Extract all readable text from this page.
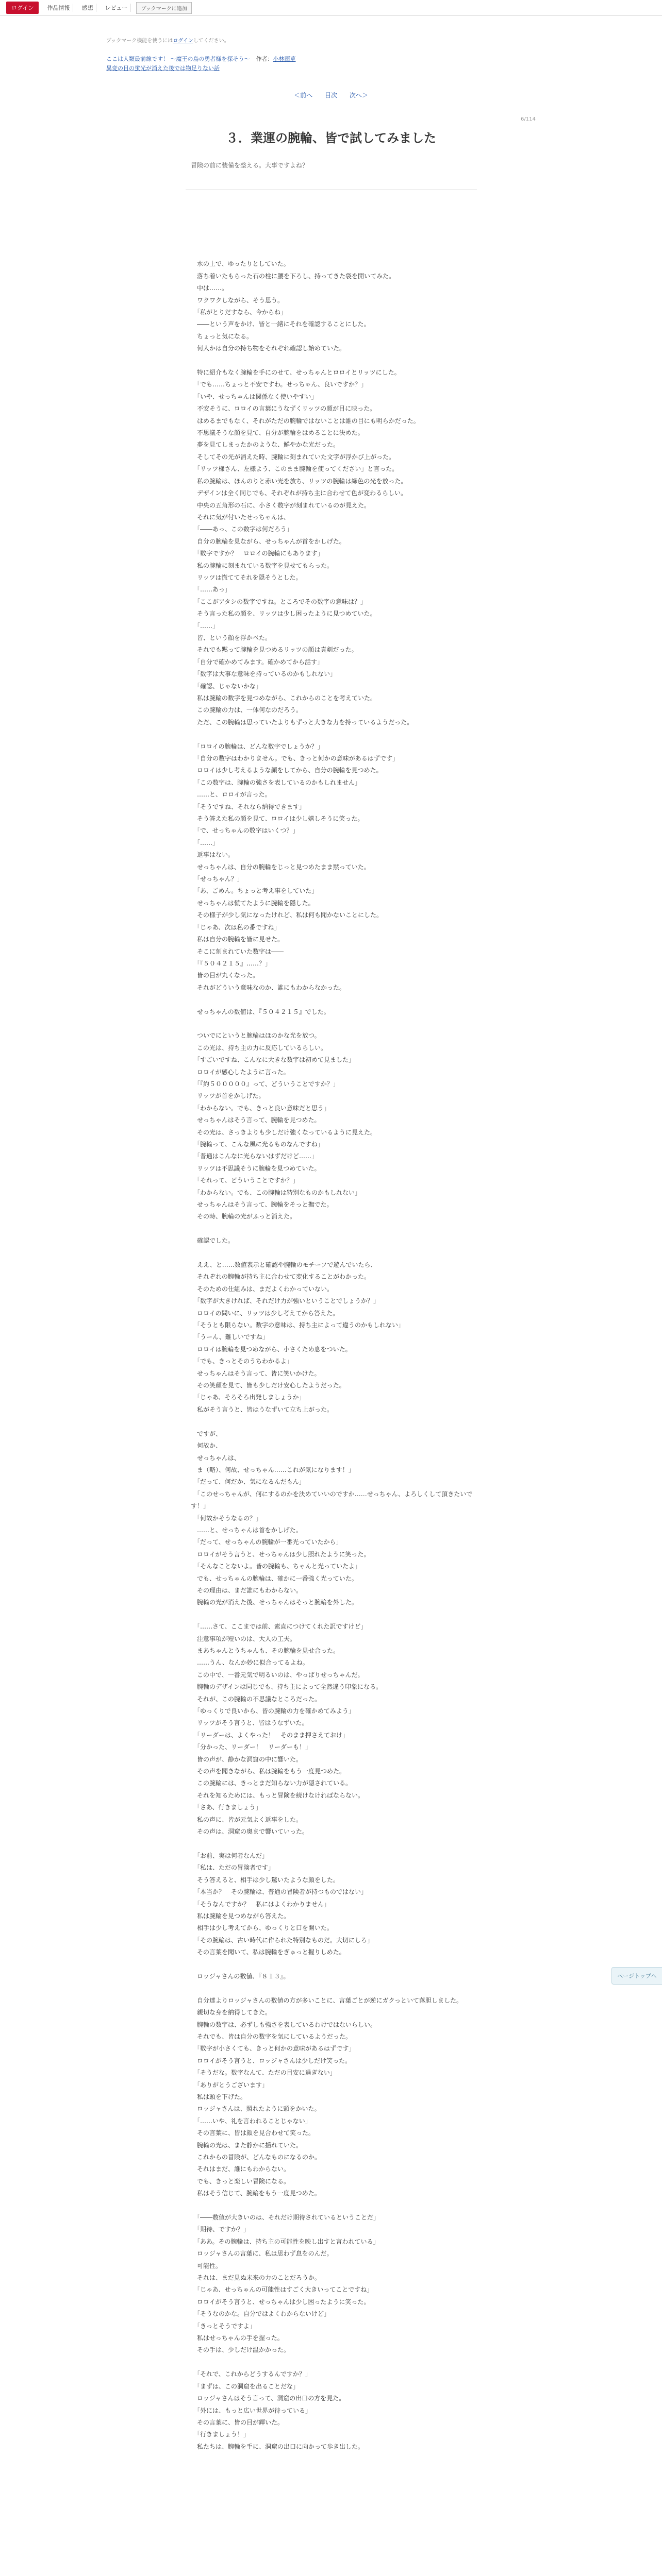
ログイン	作品情報	感想	レビュー	ブックマークに追加
ブックマーク機能を使うにはログインしてください。
ここは人類最前線です！ ～魔王の島の勇者様を探そう～ 作者：小林雨草
異変の目の蛍光が消えた後では物足りない話
＜前へ 目次 次へ＞
6/114
３．業運の腕輪、皆で試してみました
冒険の前に装備を整える。大事ですよね？

　水の上で、ゆったりとしていた。

　落ち着いたもらった石の柱に腰を下ろし、持ってきた袋を開いてみた。

　中は……。

　ワクワクしながら、そう思う。

　「私がとりだすなら、今からね」

　――という声をかけ、皆と一緒にそれを確認することにした。

　ちょっと気になる。

　何人かは自分の持ち物をそれぞれ確認し始めていた。

　特に紹介もなく腕輪を手にのせて、せっちゃんとロロイとリッツにした。

　「でも……ちょっと不安ですわ。せっちゃん、良いですか？」

　「いや、せっちゃんは関係なく使いやすい」

　不安そうに、ロロイの言葉にうなずくリッツの顔が目に映った。

　はめるまでもなく、それがただの腕輪ではないことは誰の目にも明らかだった。

　不思議そうな顔を見て、自分が腕輪をはめることに決めた。

　夢を見てしまったかのような、鮮やかな光だった。

　そしてその光が消えた時、腕輪に刻まれていた文字が浮かび上がった。

　「リッツ様さん、左様よう、このまま腕輪を使ってください」と言った。

　私の腕輪は、ほんのりと赤い光を放ち、リッツの腕輪は緑色の光を放った。

　デザインは全く同じでも、それぞれが持ち主に合わせて色が変わるらしい。

　中央の五角形の石に、小さく数字が刻まれているのが見えた。

　それに気が付いたせっちゃんは、

　「――あっ、この数字は何だろう」

　自分の腕輪を見ながら、せっちゃんが首をかしげた。

　「数字ですか？　ロロイの腕輪にもあります」

　私の腕輪に刻まれている数字を見せてもらった。

　リッツは慌ててそれを隠そうとした。

　「……あっ」

　「ここがアタシの数字ですね。ところでその数字の意味は？」

　そう言った私の顔を、リッツは少し困ったように見つめていた。

　「……」

　皆、という顔を浮かべた。

　それでも黙って腕輪を見つめるリッツの顔は真剣だった。

　「自分で確かめてみます。確かめてから話す」

　「数字は大事な意味を持っているのかもしれない」

　「確認、じゃないかな」

　私は腕輪の数字を見つめながら、これからのことを考えていた。

　この腕輪の力は、一体何なのだろう。

　ただ、この腕輪は思っていたよりもずっと大きな力を持っているようだった。

　「ロロイの腕輪は、どんな数字でしょうか？」

　「自分の数字はわかりません。でも、きっと何かの意味があるはずです」

　ロロイは少し考えるような顔をしてから、自分の腕輪を見つめた。

　「この数字は、腕輪の強さを表しているのかもしれません」

　……と、ロロイが言った。

　「そうですね、それなら納得できます」

　そう答えた私の顔を見て、ロロイは少し嬉しそうに笑った。

　「で、せっちゃんの数字はいくつ？」

　「……」

　返事はない。

　せっちゃんは、自分の腕輪をじっと見つめたまま黙っていた。

　「せっちゃん？」

　「あ、ごめん。ちょっと考え事をしていた」

　せっちゃんは慌てたように腕輪を隠した。

　その様子が少し気になったけれど、私は何も聞かないことにした。

　「じゃあ、次は私の番ですね」

　私は自分の腕輪を皆に見せた。

　そこに刻まれていた数字は――

　「『５０４２１５』……？」

　皆の目が丸くなった。

　それがどういう意味なのか、誰にもわからなかった。

　せっちゃんの数値は、『５０４２１５』でした。

　ついでにというと腕輪はほのかな光を放つ。

　この光は、持ち主の力に反応しているらしい。

　「すごいですね、こんなに大きな数字は初めて見ました」

　ロロイが感心したように言った。

　「『約５０００００』って、どういうことですか？」

　リッツが首をかしげた。

　「わからない。でも、きっと良い意味だと思う」

　せっちゃんはそう言って、腕輪を見つめた。

　その光は、さっきよりも少しだけ強くなっているように見えた。

　「腕輪って、こんな風に光るものなんですね」

　「普通はこんなに光らないはずだけど……」

　リッツは不思議そうに腕輪を見つめていた。

　「それって、どういうことですか？」

　「わからない。でも、この腕輪は特別なものかもしれない」

　せっちゃんはそう言って、腕輪をそっと撫でた。

　その時、腕輪の光がふっと消えた。

　確認でした。

　ええ、と……数値表示と確認や腕輪のモチーフで遊んでいたら、

　それぞれの腕輪が持ち主に合わせて変化することがわかった。

　そのための仕組みは、まだよくわかっていない。

　「数字が大きければ、それだけ力が強いということでしょうか？」

　ロロイの問いに、リッツは少し考えてから答えた。

　「そうとも限らない。数字の意味は、持ち主によって違うのかもしれない」

　「うーん、難しいですね」

　ロロイは腕輪を見つめながら、小さくため息をついた。

　「でも、きっとそのうちわかるよ」

　せっちゃんはそう言って、皆に笑いかけた。

　その笑顔を見て、皆も少しだけ安心したようだった。

　「じゃあ、そろそろ出発しましょうか」

　私がそう言うと、皆はうなずいて立ち上がった。

　ですが、

　何故か、

　せっちゃんは、

　ま（略）、何故、せっちゃん……これが気になります！」

　「だって、何だか、気になるんだもん」

　「このせっちゃんが、何にするのかを決めていいのですか……せっちゃん、よろしくして頂きたいです！」

　「何故かそうなるの？」

　……と、せっちゃんは首をかしげた。

　「だって、せっちゃんの腕輪が一番光っていたから」

　ロロイがそう言うと、せっちゃんは少し照れたように笑った。

　「そんなことないよ。皆の腕輪も、ちゃんと光っていたよ」

　でも、せっちゃんの腕輪は、確かに一番強く光っていた。

　その理由は、まだ誰にもわからない。

　腕輪の光が消えた後、せっちゃんはそっと腕輪を外した。

　「……さて、ここまでは前、素直につけてくれた訳ですけど」

　注意事項が短いのは、大人の工夫。

　まあちゃんとうちゃんも、その腕輪を見せ合った。

　……うん、なんか妙に似合ってるよね。

　この中で、一番元気で明るいのは、やっぱりせっちゃんだ。

　腕輪のデザインは同じでも、持ち主によって全然違う印象になる。

　それが、この腕輪の不思議なところだった。

　「ゆっくりで良いから、皆の腕輪の力を確かめてみよう」

　リッツがそう言うと、皆はうなずいた。

　「リーダーは、よくやった！　そのまま押さえておけ」

　「分かった、リーダー！　リーダーも！」

　皆の声が、静かな洞窟の中に響いた。

　その声を聞きながら、私は腕輪をもう一度見つめた。

　この腕輪には、きっとまだ知らない力が隠されている。

　それを知るためには、もっと冒険を続けなければならない。

　「さあ、行きましょう」

　私の声に、皆が元気よく返事をした。

　その声は、洞窟の奥まで響いていった。

　「お前、実は何者なんだ」

　「私は、ただの冒険者です」

　そう答えると、相手は少し驚いたような顔をした。

　「本当か？　その腕輪は、普通の冒険者が持つものではない」

　「そうなんですか？　私にはよくわかりません」

　私は腕輪を見つめながら答えた。

　相手は少し考えてから、ゆっくりと口を開いた。

　「その腕輪は、古い時代に作られた特別なものだ。大切にしろ」

　その言葉を聞いて、私は腕輪をぎゅっと握りしめた。

　ロッジャさんの数値、『８１３』。

　自分達よりロッジャさんの数値の方が多いことに、言葉ごとが逆にガクっといて落胆しました。

　親切な身を納得してきた。

　腕輪の数字は、必ずしも強さを表しているわけではないらしい。

　それでも、皆は自分の数字を気にしているようだった。

　「数字が小さくても、きっと何かの意味があるはずです」

　ロロイがそう言うと、ロッジャさんは少しだけ笑った。

　「そうだな。数字なんて、ただの目安に過ぎない」

　「ありがとうございます」

　私は頭を下げた。

　ロッジャさんは、照れたように頭をかいた。

　「……いや、礼を言われることじゃない」

　その言葉に、皆は顔を見合わせて笑った。

　腕輪の光は、また静かに揺れていた。

　これからの冒険が、どんなものになるのか。

　それはまだ、誰にもわからない。

　でも、きっと楽しい冒険になる。

　私はそう信じて、腕輪をもう一度見つめた。

　「――数値が大きいのは、それだけ期待されているということだ」

　「期待、ですか？」

　「ああ。その腕輪は、持ち主の可能性を映し出すと言われている」

　ロッジャさんの言葉に、私は思わず息をのんだ。

　可能性。

　それは、まだ見ぬ未来の力のことだろうか。

　「じゃあ、せっちゃんの可能性はすごく大きいってことですね」

　ロロイがそう言うと、せっちゃんは少し困ったように笑った。

　「そうなのかな。自分ではよくわからないけど」

　「きっとそうですよ」

　私はせっちゃんの手を握った。

　その手は、少しだけ温かかった。

　「それで、これからどうするんですか？」

　「まずは、この洞窟を出ることだな」

　ロッジャさんはそう言って、洞窟の出口の方を見た。

　「外には、もっと広い世界が待っている」

　その言葉に、皆の目が輝いた。

　「行きましょう！」

　私たちは、腕輪を手に、洞窟の出口に向かって歩き出した。

ページトップへ
